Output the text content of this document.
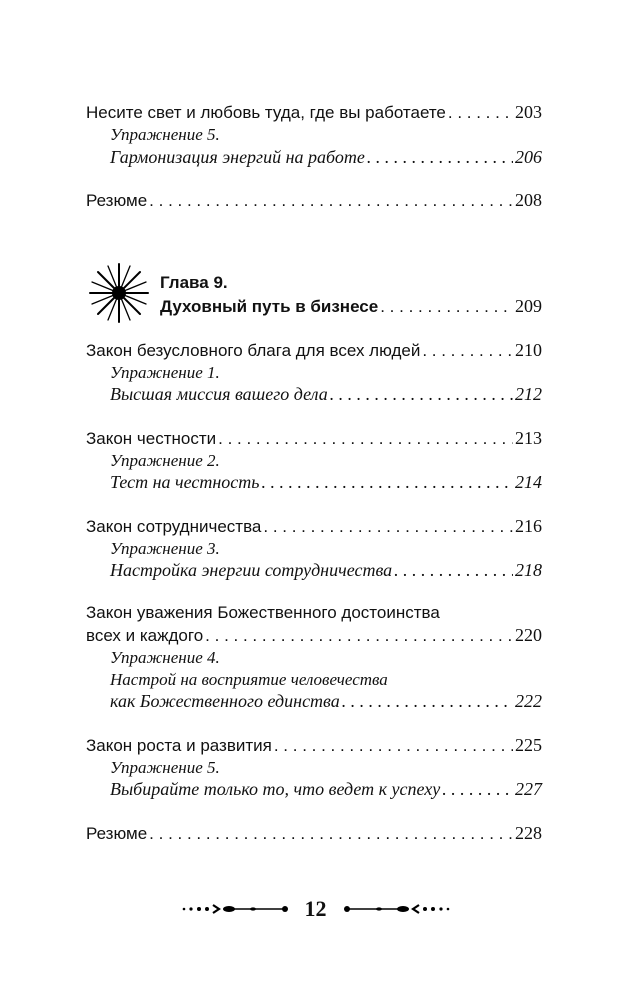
Несите свет и любовь туда, где вы работаете . . .	203
Упражнение 5.
Гармонизация энергий на работе . . .	206
Резюме . . .	208
Глава 9.
Духовный путь в бизнесе . . .	209
Закон безусловного блага для всех людей . . .	210
Упражнение 1.
Высшая миссия вашего дела . . .	212
Закон честности . . .	213
Упражнение 2.
Тест на честность . . .	214
Закон сотрудничества . . .	216
Упражнение 3.
Настройка энергии сотрудничества . . .	218
Закон уважения Божественного достоинства
всех и каждого . . .	220
Упражнение 4.
Настрой на восприятие человечества
как Божественного единства . . .	222
Закон роста и развития . . .	225
Упражнение 5.
Выбирайте только то, что ведет к успеху . . .	227
Резюме . . .	228
12
